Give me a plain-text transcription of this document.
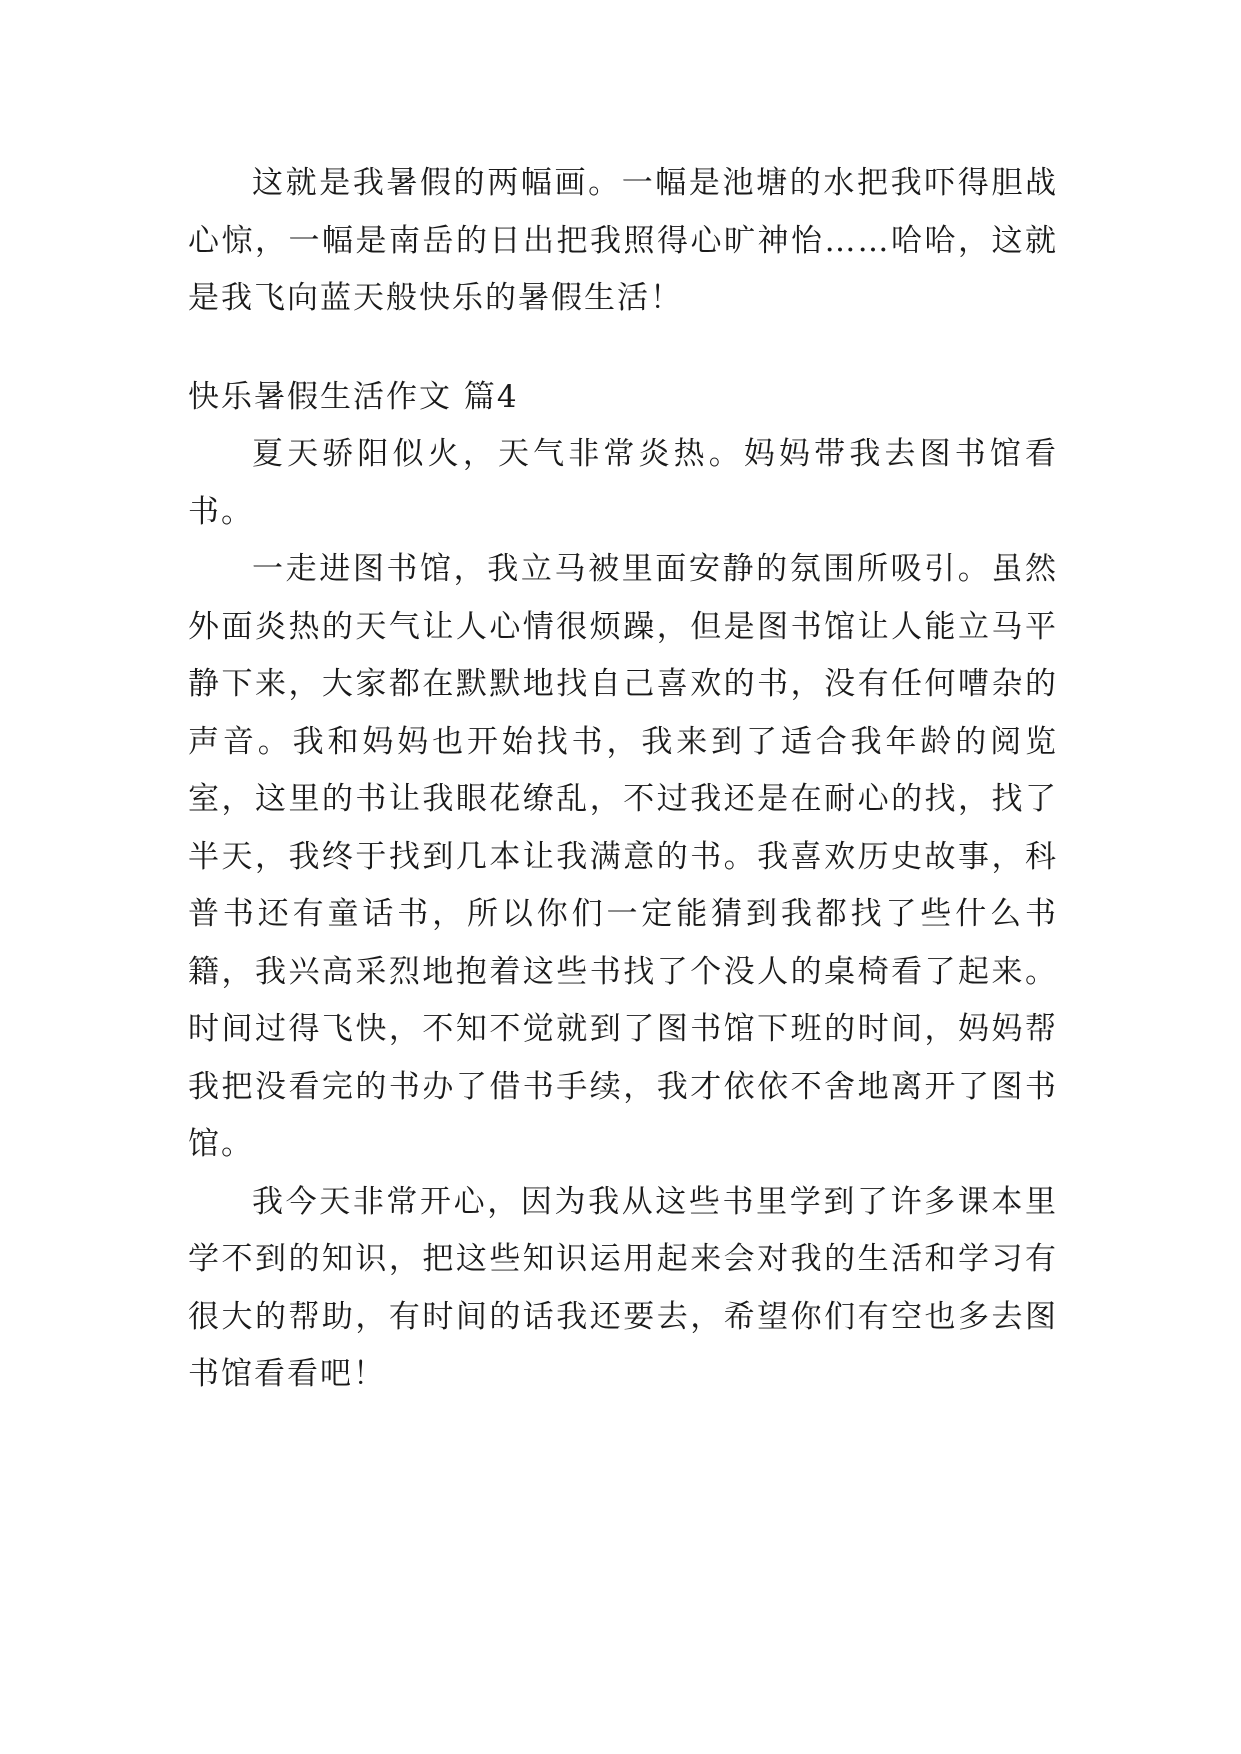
这就是我暑假的两幅画。一幅是池塘的水把我吓得胆战心惊，一幅是南岳的日出把我照得心旷神怡……哈哈，这就是我飞向蓝天般快乐的暑假生活！

快乐暑假生活作文 篇4

夏天骄阳似火，天气非常炎热。妈妈带我去图书馆看书。

一走进图书馆，我立马被里面安静的氛围所吸引。虽然外面炎热的天气让人心情很烦躁，但是图书馆让人能立马平静下来，大家都在默默地找自己喜欢的书，没有任何嘈杂的声音。我和妈妈也开始找书，我来到了适合我年龄的阅览室，这里的书让我眼花缭乱，不过我还是在耐心的找，找了半天，我终于找到几本让我满意的书。我喜欢历史故事，科普书还有童话书，所以你们一定能猜到我都找了些什么书籍，我兴高采烈地抱着这些书找了个没人的桌椅看了起来。时间过得飞快，不知不觉就到了图书馆下班的时间，妈妈帮我把没看完的书办了借书手续，我才依依不舍地离开了图书馆。

我今天非常开心，因为我从这些书里学到了许多课本里学不到的知识，把这些知识运用起来会对我的生活和学习有很大的帮助，有时间的话我还要去，希望你们有空也多去图书馆看看吧！
